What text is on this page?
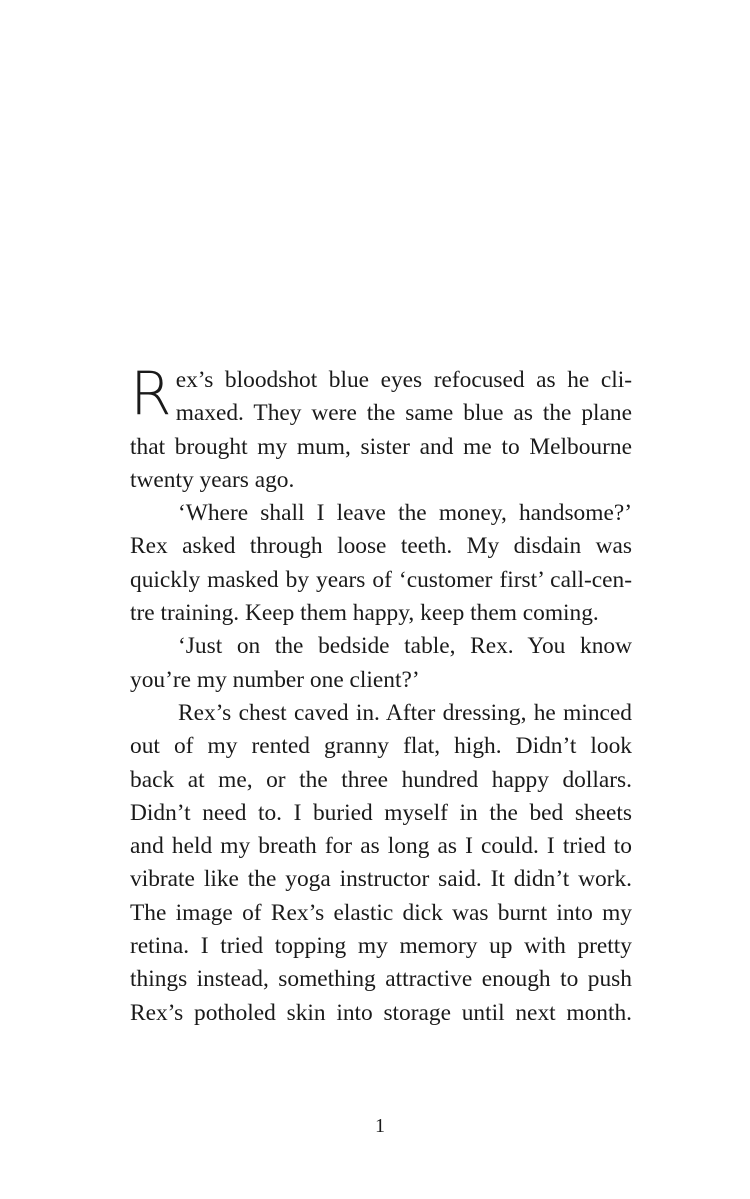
R ex’s bloodshot blue eyes refocused as he cli-
maxed. They were the same blue as the plane
that brought my mum, sister and me to Melbourne
twenty years ago.
‘Where shall I leave the money, handsome?’
Rex asked through loose teeth. My disdain was
quickly masked by years of ‘customer first’ call-cen-
tre training. Keep them happy, keep them coming.
‘Just on the bedside table, Rex. You know
you’re my number one client?’
Rex’s chest caved in. After dressing, he minced
out of my rented granny flat, high. Didn’t look
back at me, or the three hundred happy dollars.
Didn’t need to. I buried myself in the bed sheets
and held my breath for as long as I could. I tried to
vibrate like the yoga instructor said. It didn’t work.
The image of Rex’s elastic dick was burnt into my
retina. I tried topping my memory up with pretty
things instead, something attractive enough to push
Rex’s potholed skin into storage until next month.
1
